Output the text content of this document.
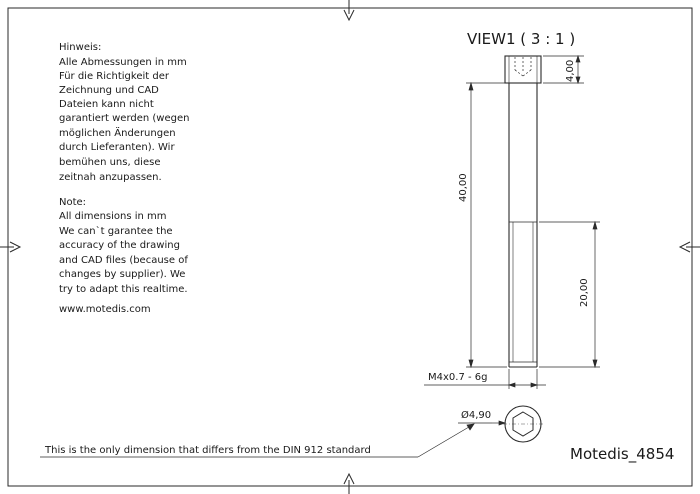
Hinweis:
Alle Abmessungen in mm
Für die Richtigkeit der
Zeichnung und CAD
Dateien kann nicht
garantiert werden (wegen
möglichen Änderungen
durch Lieferanten). Wir
bemühen uns, diese
zeitnah anzupassen.
Note:
All dimensions in mm
We can`t garantee the
accuracy of the drawing
and CAD files (because of
changes by supplier). We
try to adapt this realtime.
www.motedis.com
VIEW1 ( 3 : 1 )
4,00
40,00
20,00
M4x0.7 - 6g
Ø4,90
This is the only dimension that differs from the DIN 912 standard	Motedis_4854
